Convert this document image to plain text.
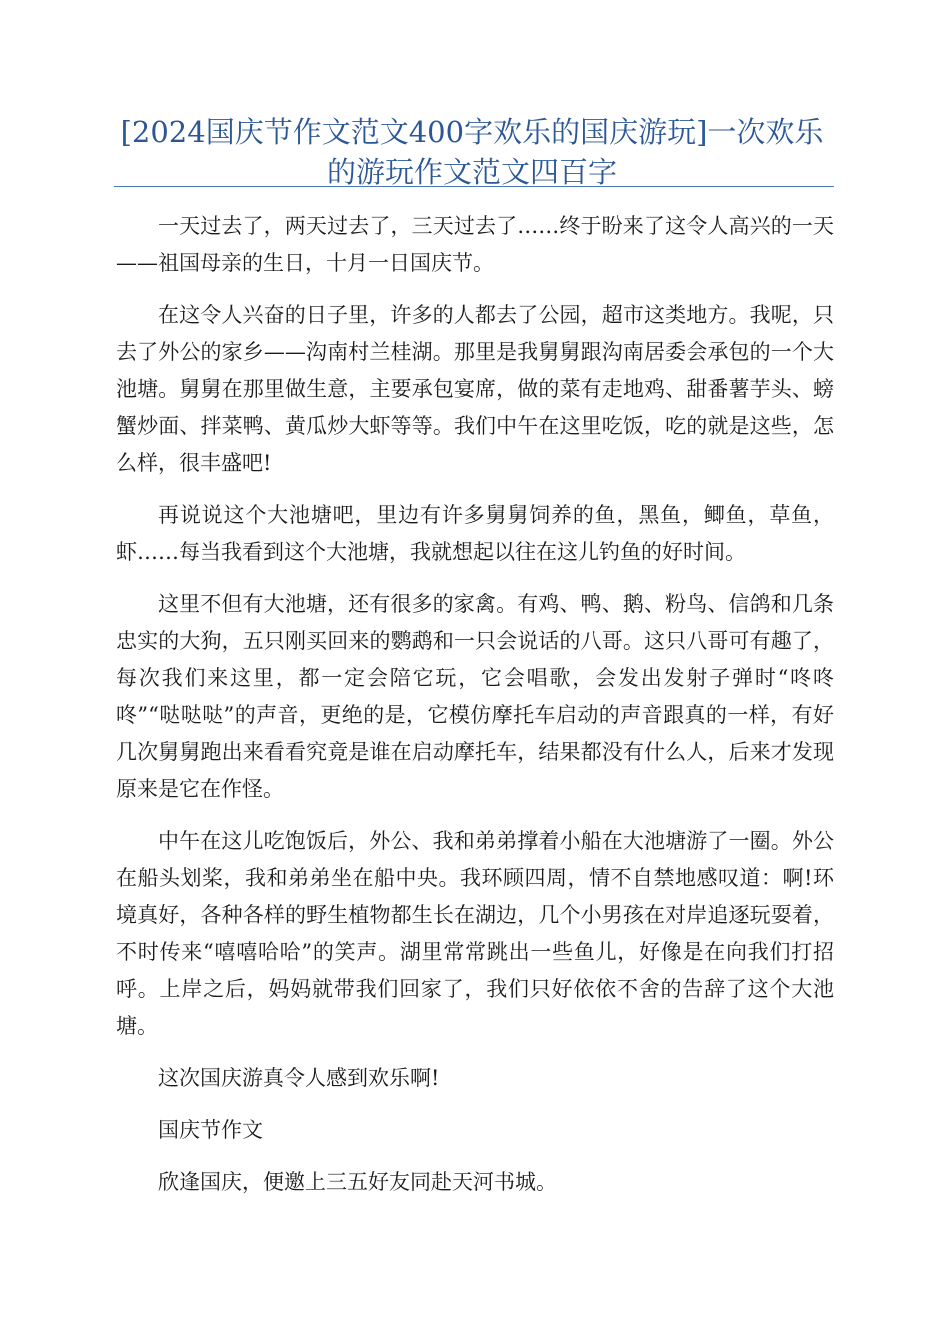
[2024国庆节作文范文400字欢乐的国庆游玩]一次欢乐的游玩作文范文四百字

一天过去了，两天过去了，三天过去了……终于盼来了这令人高兴的一天——祖国母亲的生日，十月一日国庆节。

在这令人兴奋的日子里，许多的人都去了公园，超市这类地方。我呢，只去了外公的家乡——沟南村兰桂湖。那里是我舅舅跟沟南居委会承包的一个大池塘。舅舅在那里做生意，主要承包宴席，做的菜有走地鸡、甜番薯芋头、螃蟹炒面、拌菜鸭、黄瓜炒大虾等等。我们中午在这里吃饭，吃的就是这些，怎么样，很丰盛吧!

再说说这个大池塘吧，里边有许多舅舅饲养的鱼，黑鱼，鲫鱼，草鱼，虾……每当我看到这个大池塘，我就想起以往在这儿钓鱼的好时间。

这里不但有大池塘，还有很多的家禽。有鸡、鸭、鹅、粉鸟、信鸽和几条忠实的大狗，五只刚买回来的鹦鹉和一只会说话的八哥。这只八哥可有趣了，每次我们来这里，都一定会陪它玩，它会唱歌，会发出发射子弹时“咚咚咚”“哒哒哒”的声音，更绝的是，它模仿摩托车启动的声音跟真的一样，有好几次舅舅跑出来看看究竟是谁在启动摩托车，结果都没有什么人，后来才发现原来是它在作怪。

中午在这儿吃饱饭后，外公、我和弟弟撑着小船在大池塘游了一圈。外公在船头划桨，我和弟弟坐在船中央。我环顾四周，情不自禁地感叹道：啊!环境真好，各种各样的野生植物都生长在湖边，几个小男孩在对岸追逐玩耍着，不时传来“嘻嘻哈哈”的笑声。湖里常常跳出一些鱼儿，好像是在向我们打招呼。上岸之后，妈妈就带我们回家了，我们只好依依不舍的告辞了这个大池塘。

这次国庆游真令人感到欢乐啊!

国庆节作文

欣逢国庆，便邀上三五好友同赴天河书城。
